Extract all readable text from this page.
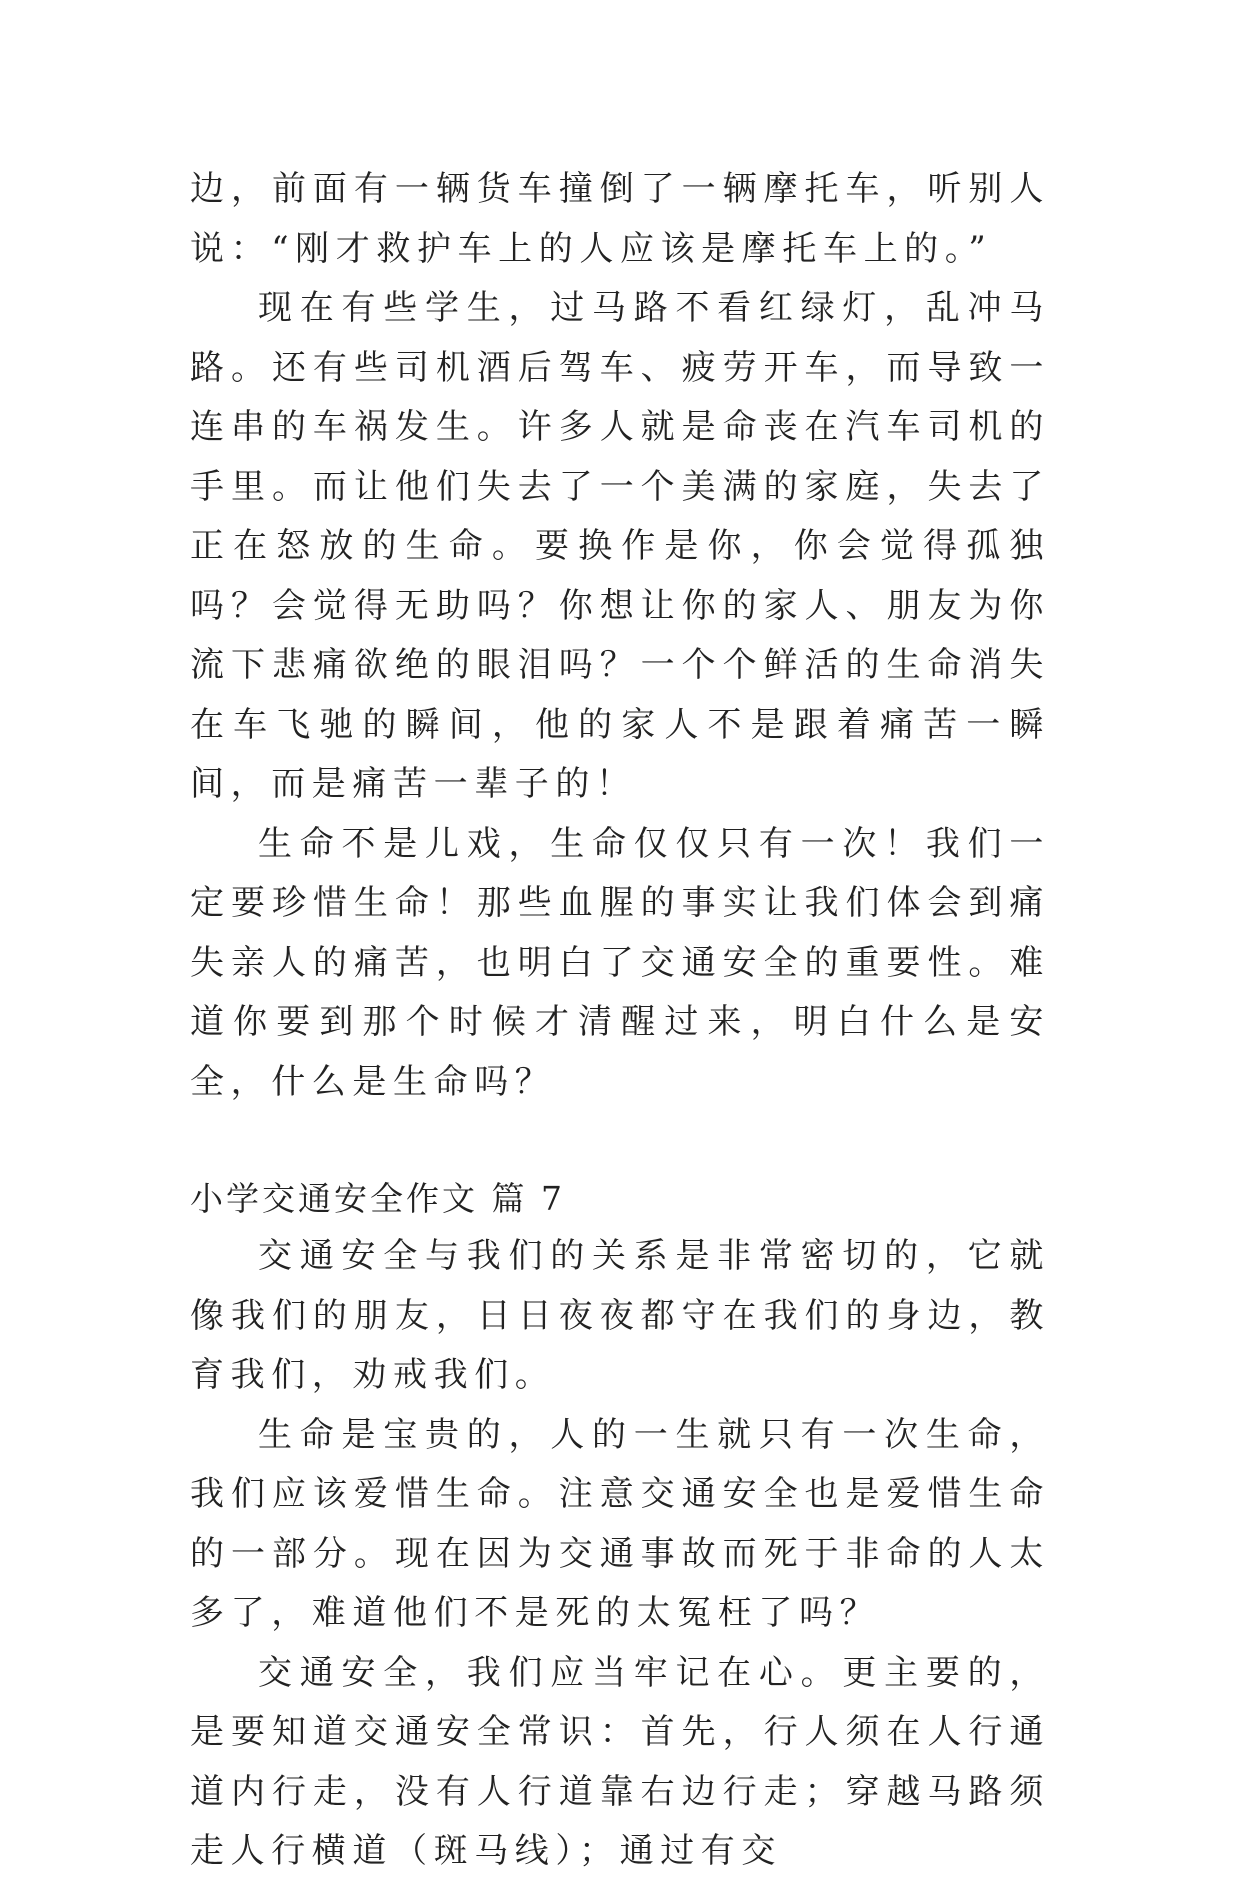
边，前面有一辆货车撞倒了一辆摩托车，听别人说：“刚才救护车上的人应该是摩托车上的。”

现在有些学生，过马路不看红绿灯，乱冲马路。还有些司机酒后驾车、疲劳开车，而导致一连串的车祸发生。许多人就是命丧在汽车司机的手里。而让他们失去了一个美满的家庭，失去了正在怒放的生命。要换作是你，你会觉得孤独吗？会觉得无助吗？你想让你的家人、朋友为你流下悲痛欲绝的眼泪吗？一个个鲜活的生命消失在车飞驰的瞬间，他的家人不是跟着痛苦一瞬间，而是痛苦一辈子的！

生命不是儿戏，生命仅仅只有一次！我们一定要珍惜生命！那些血腥的事实让我们体会到痛失亲人的痛苦，也明白了交通安全的重要性。难道你要到那个时候才清醒过来，明白什么是安全，什么是生命吗？

小学交通安全作文 篇 7

交通安全与我们的关系是非常密切的，它就像我们的朋友，日日夜夜都守在我们的身边，教育我们，劝戒我们。

生命是宝贵的，人的一生就只有一次生命，我们应该爱惜生命。注意交通安全也是爱惜生命的一部分。现在因为交通事故而死于非命的人太多了，难道他们不是死的太冤枉了吗？

交通安全，我们应当牢记在心。更主要的，是要知道交通安全常识：首先，行人须在人行通道内行走，没有人行道靠右边行走；穿越马路须走人行横道（斑马线）；通过有交
